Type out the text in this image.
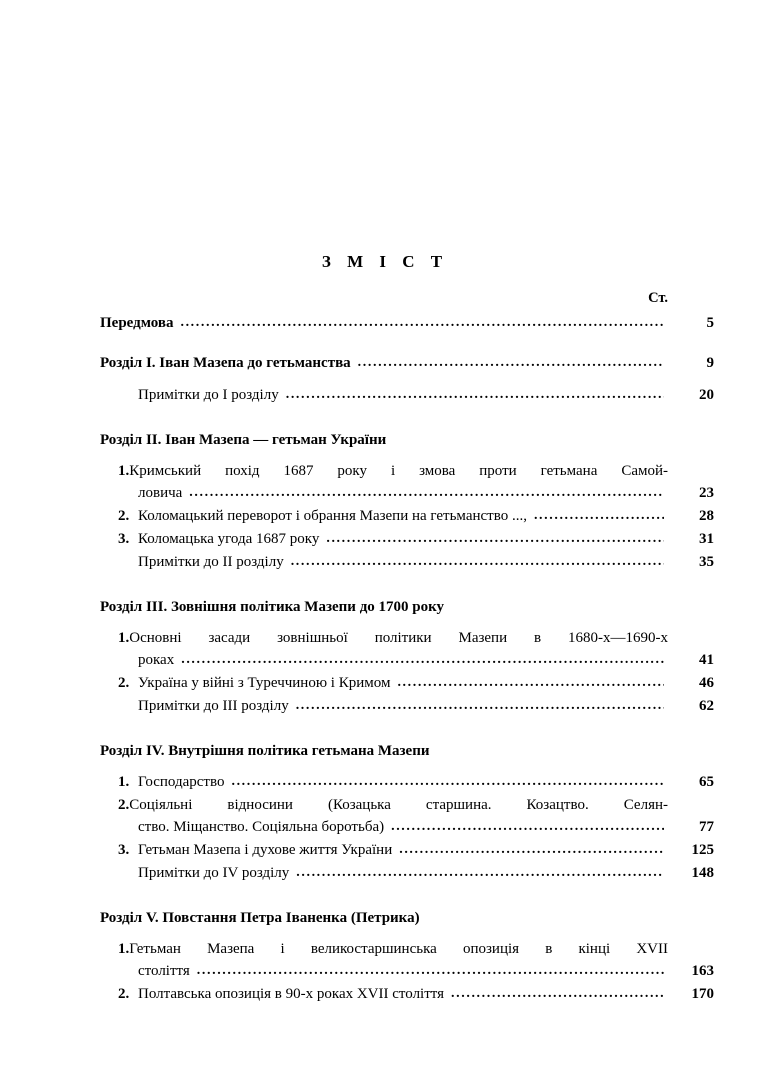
З М І С Т
Ст.
Передмова .....	5
Розділ І. Іван Мазепа до гетьманства .....	9
Примітки до І розділу .....	20
Розділ ІІ. Іван Мазепа — гетьман України
1.Кримський похід 1687 року і змова проти гетьмана Самой-
ловича .....	23
2. Коломацький переворот і обрання Мазепи на гетьманство ..., .....	28
3. Коломацька угода 1687 року .....	31
Примітки до ІІ розділу .....	35
Розділ ІІІ. Зовнішня політика Мазепи до 1700 року
1.Основні засади зовнішньої політики Мазепи в 1680-х—1690-х
роках .....	41
2. Україна у війні з Туреччиною і Кримом .....	46
Примітки до ІІІ розділу .....	62
Розділ ІV. Внутрішня політика гетьмана Мазепи
1. Господарство .....	65
2.Соціяльні відносини (Козацька старшина. Козацтво. Селян-
ство. Міщанство. Соціяльна боротьба) .....	77
3. Гетьман Мазепа і духове життя України .....	125
Примітки до ІV розділу .....	148
Розділ V. Повстання Петра Іваненка (Петрика)
1.Гетьман Мазепа і великостаршинська опозиція в кінці ХVІІ
століття .....	163
2. Полтавська опозиція в 90-х роках ХVІІ століття .....	170
